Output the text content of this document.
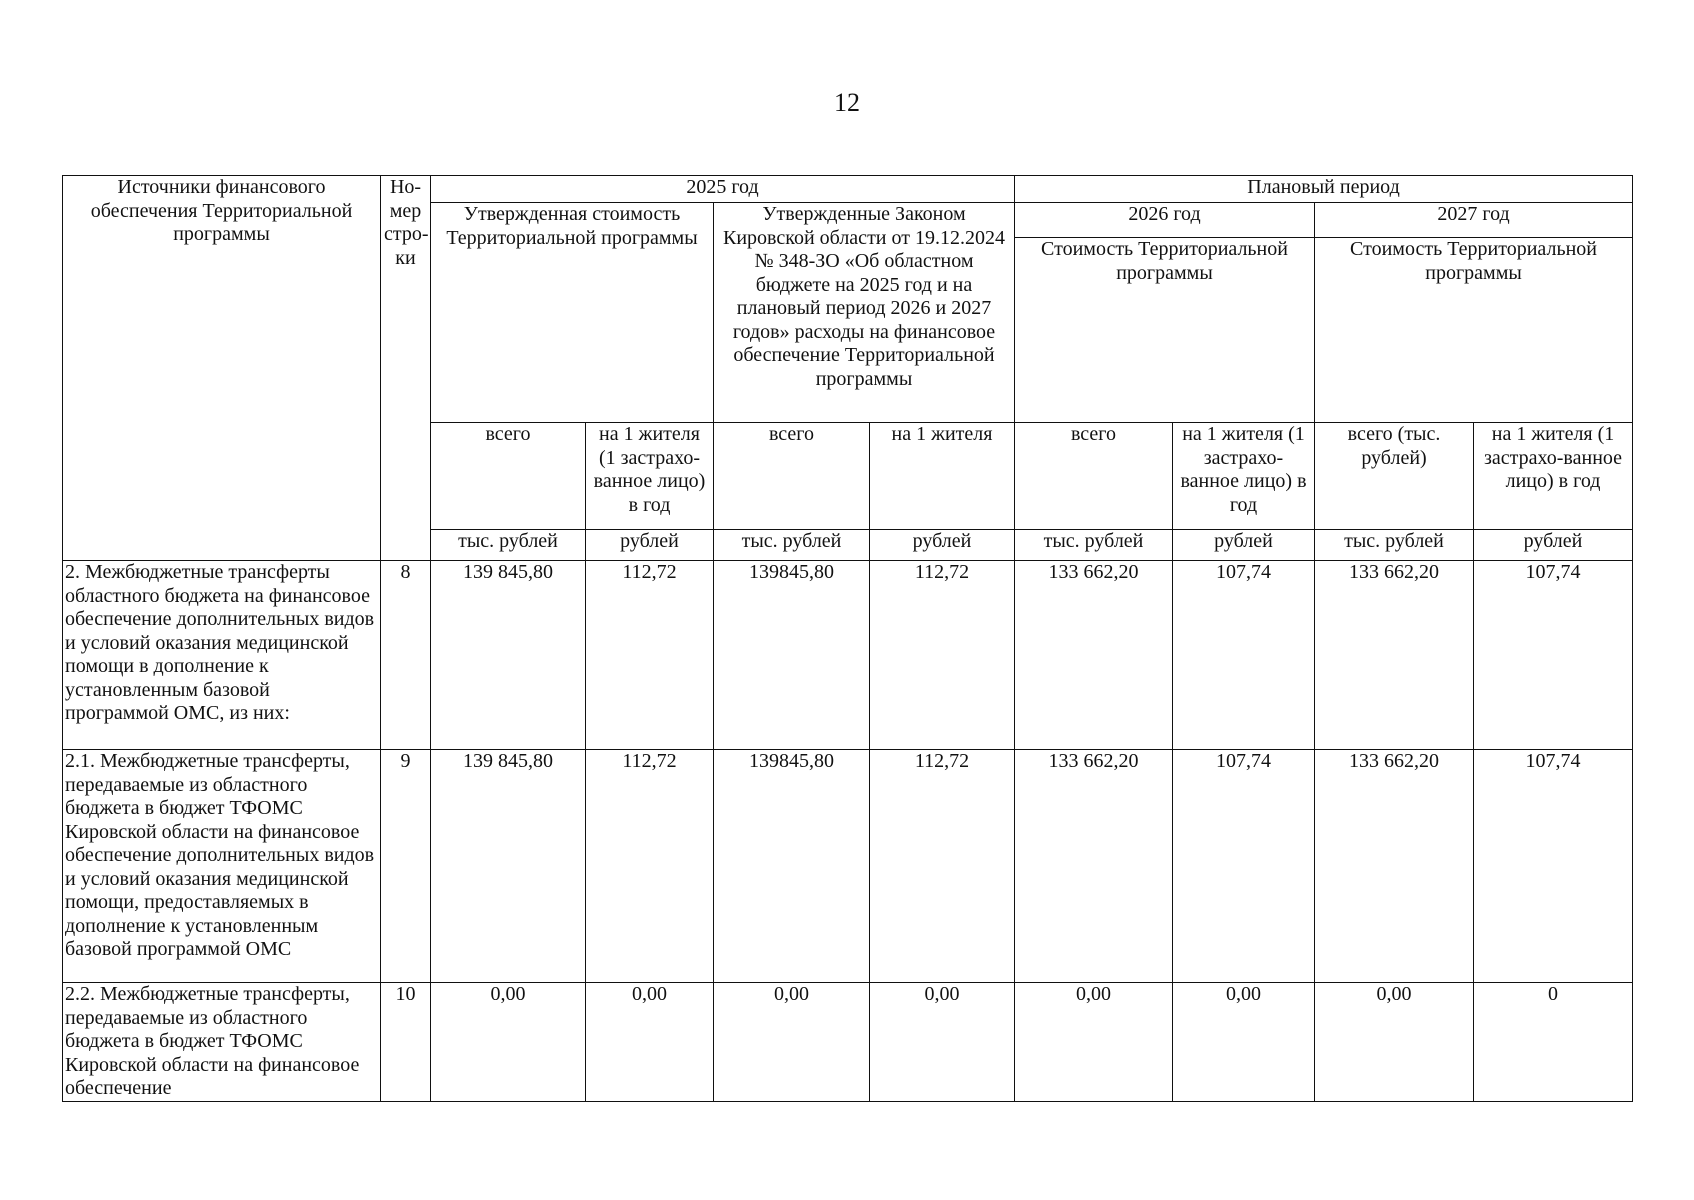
12
Источники финансового обеспечения Территориальной программы	Но-мер стро-ки	2025 год				Плановый период			
		Утвержденная стоимость Территориальной программы		Утвержденные Законом Кировской области от 19.12.2024 № 348-ЗО «Об областном бюджете на 2025 год и на плановый период 2026 и 2027 годов» расходы на финансовое обеспечение Территориальной программы		2026 год		2027 год	
						Стоимость Территориальной программы		Стоимость Территориальной программы	
		всего	на 1 жителя (1 застрахо-ванное лицо) в год	всего	на 1 жителя	всего	на 1 жителя (1 застрахо-ванное лицо) в год	всего (тыс. рублей)	на 1 жителя (1 застрахо-ванное лицо) в год
		тыс. рублей	рублей	тыс. рублей	рублей	тыс. рублей	рублей	тыс. рублей	рублей
2. Межбюджетные трансферты областного бюджета на финансовое обеспечение дополнительных видов и условий оказания медицинской помощи в дополнение к установленным базовой программой ОМС, из них:	8	139 845,80	112,72	139845,80	112,72	133 662,20	107,74	133 662,20	107,74
2.1. Межбюджетные трансферты, передаваемые из областного бюджета в бюджет ТФОМС Кировской области на финансовое обеспечение дополнительных видов и условий оказания медицинской помощи, предоставляемых в дополнение к установленным базовой программой ОМС	9	139 845,80	112,72	139845,80	112,72	133 662,20	107,74	133 662,20	107,74
2.2. Межбюджетные трансферты, передаваемые из областного бюджета в бюджет ТФОМС Кировской области на финансовое обеспечение	10	0,00	0,00	0,00	0,00	0,00	0,00	0,00	0
